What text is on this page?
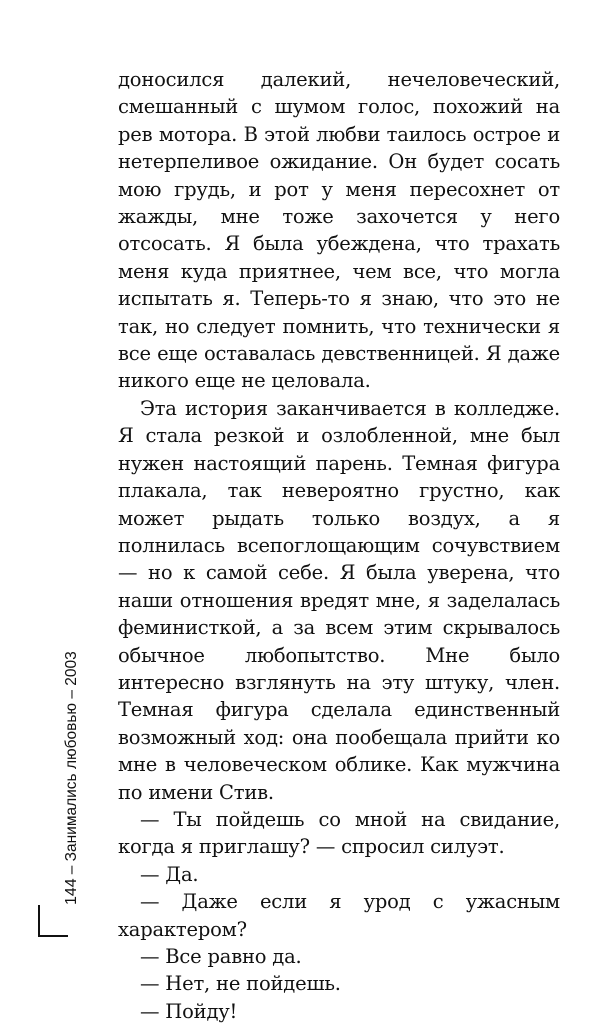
доносился далекий, нечеловеческий, смешанный с шумом голос, похожий на рев мотора. В этой любви таилось острое и нетерпеливое ожидание. Он будет сосать мою грудь, и рот у меня пересохнет от жажды, мне тоже захочется у него отсосать. Я была убеждена, что трахать меня куда приятнее, чем все, что могла испытать я. Теперь-то я знаю, что это не так, но следует помнить, что технически я все еще оставалась девственницей. Я даже никого еще не целовала.

Эта история заканчивается в колледже. Я стала резкой и озлобленной, мне был нужен настоящий парень. Темная фигура плакала, так невероятно грустно, как может рыдать только воздух, а я полнилась всепоглощающим сочувствием — но к самой себе. Я была уверена, что наши отношения вредят мне, я заделалась феминисткой, а за всем этим скрывалось обычное любопытство. Мне было интересно взглянуть на эту штуку, член. Темная фигура сделала единственный возможный ход: она пообещала прийти ко мне в человеческом облике. Как мужчина по имени Стив.

— Ты пойдешь со мной на свидание, когда я приглашу? — спросил силуэт.

— Да.

— Даже если я урод с ужасным характером?

— Все равно да.

— Нет, не пойдешь.

— Пойду!

144
– Занимались любовью – 2003
